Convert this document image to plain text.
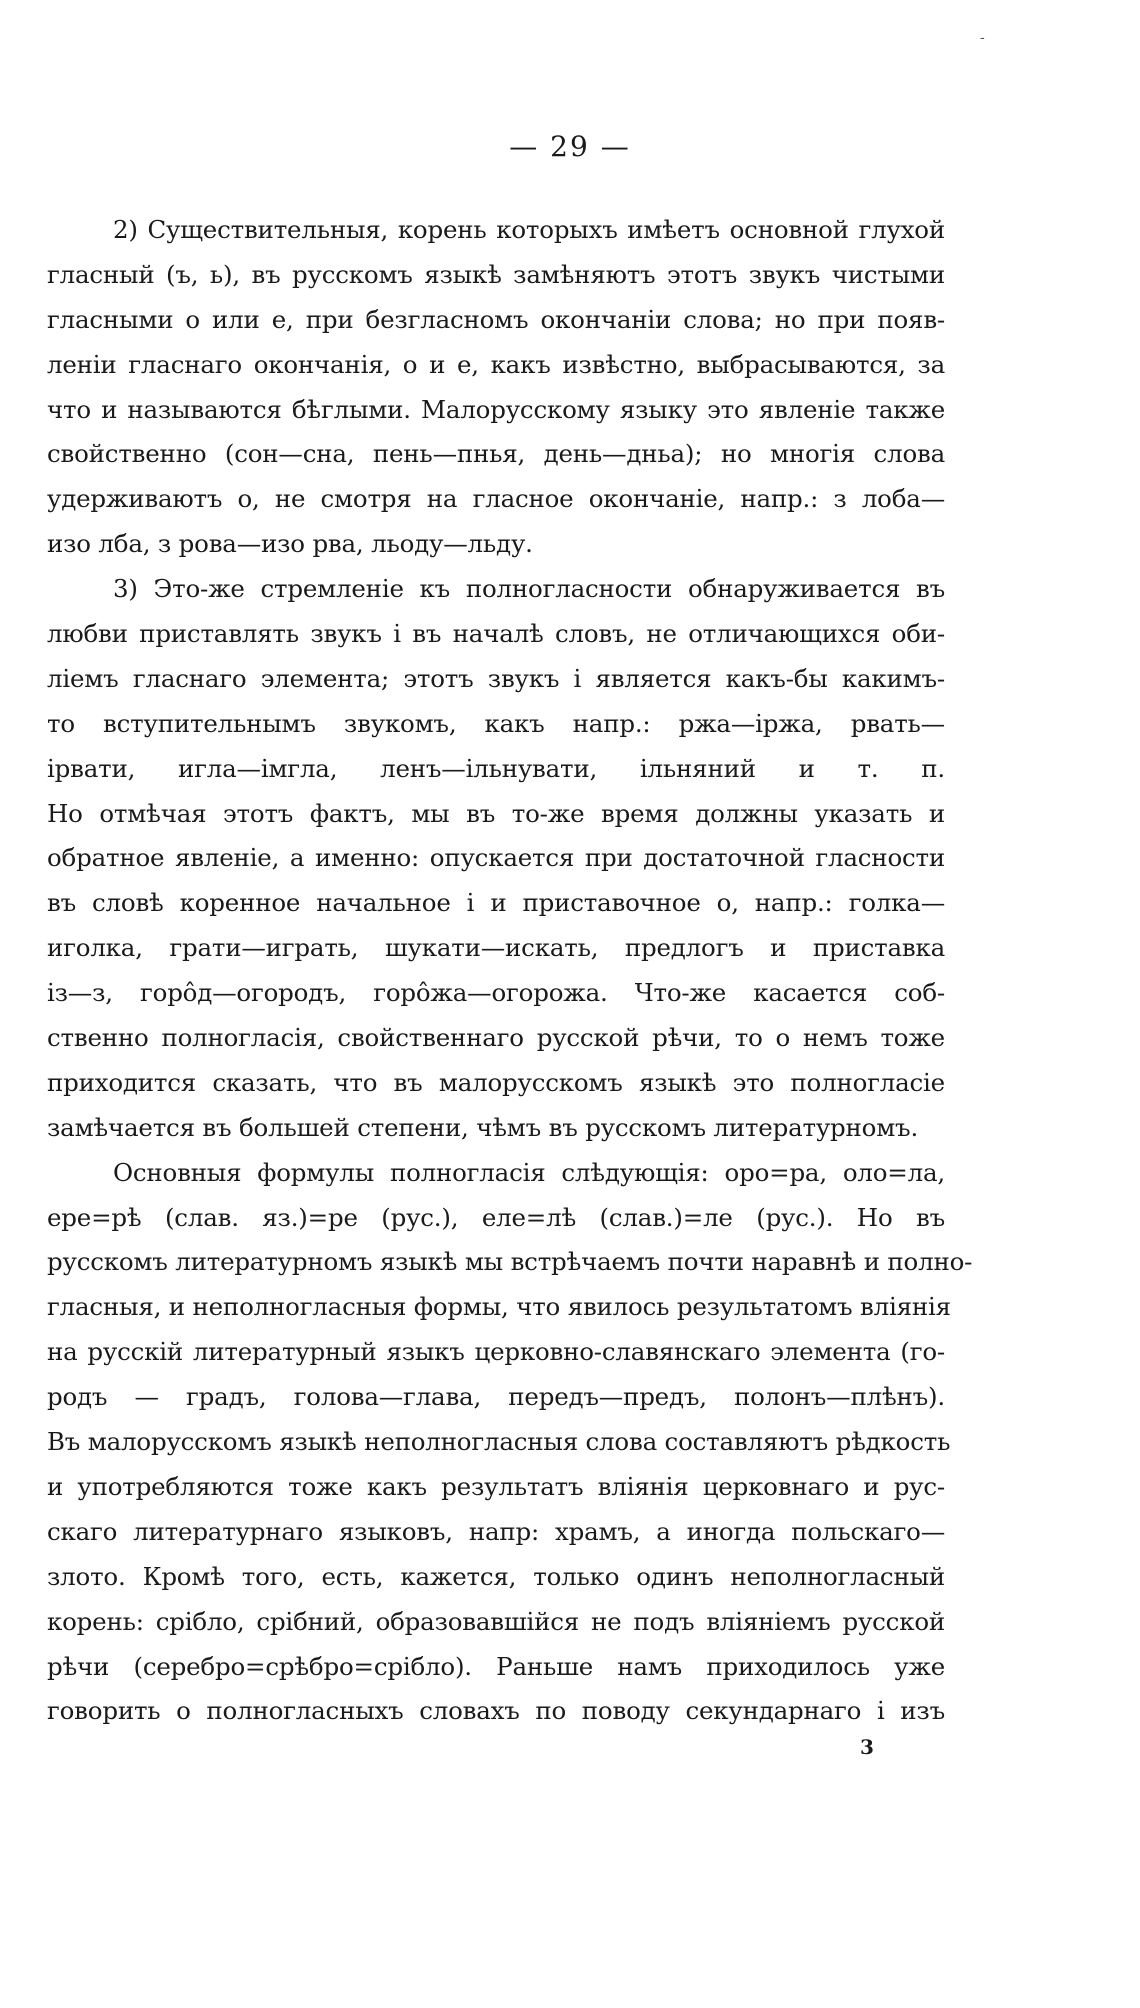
-
— 29 —
2) Существительныя, корень которыхъ имѣетъ основной глухой
гласный (ъ, ь), въ русскомъ языкѣ замѣняютъ этотъ звукъ чистыми
гласными о или е, при безгласномъ окончаніи слова; но при появ-
леніи гласнаго окончанія, о и е, какъ извѣстно, выбрасываются, за
что и называются бѣглыми. Малорусскому языку это явленіе также
свойственно (сон—сна, пень—пнья, день—дньа); но многія слова
удерживаютъ о, не смотря на гласное окончаніе, напр.: з лоба—
изо лба, з рова—изо рва, льоду—льду.
3) Это-же стремленіе къ полногласности обнаруживается въ
любви приставлять звукъ і въ началѣ словъ, не отличающихся оби-
ліемъ гласнаго элемента; этотъ звукъ і является какъ-бы какимъ-
то вступительнымъ звукомъ, какъ напр.: ржа—іржа, рвать—
ірвати, игла—імгла, ленъ—ільнувати, ільняний и т. п.
Но отмѣчая этотъ фактъ, мы въ то-же время должны указать и
обратное явленіе, а именно: опускается при достаточной гласности
въ словѣ коренное начальное і и приставочное о, напр.: голка—
иголка, грати—играть, шукати—искать, предлогъ и приставка
із—з, горôд—огородъ, горôжа—огорожа. Что-же касается соб-
ственно полногласія, свойственнаго русской рѣчи, то о немъ тоже
приходится сказать, что въ малорусскомъ языкѣ это полногласіе
замѣчается въ большей степени, чѣмъ въ русскомъ литературномъ.
Основныя формулы полногласія слѣдующія: оро=ра, оло=ла,
ере=рѣ (слав. яз.)=ре (рус.), еле=лѣ (слав.)=ле (рус.). Но въ
русскомъ литературномъ языкѣ мы встрѣчаемъ почти наравнѣ и полно-
гласныя, и неполногласныя формы, что явилось результатомъ вліянія
на русскій литературный языкъ церковно-славянскаго элемента (го-
родъ — градъ, голова—глава, передъ—предъ, полонъ—плѣнъ).
Въ малорусскомъ языкѣ неполногласныя слова составляютъ рѣдкость
и употребляются тоже какъ результатъ вліянія церковнаго и рус-
скаго литературнаго языковъ, напр: храмъ, а иногда польскаго—
злото. Кромѣ того, есть, кажется, только одинъ неполногласный
корень: срібло, срібний, образовавшійся не подъ вліяніемъ русской
рѣчи (серебро=срѣбро=срібло). Раньше намъ приходилось уже
говорить о полногласныхъ словахъ по поводу секундарнаго і изъ
3
